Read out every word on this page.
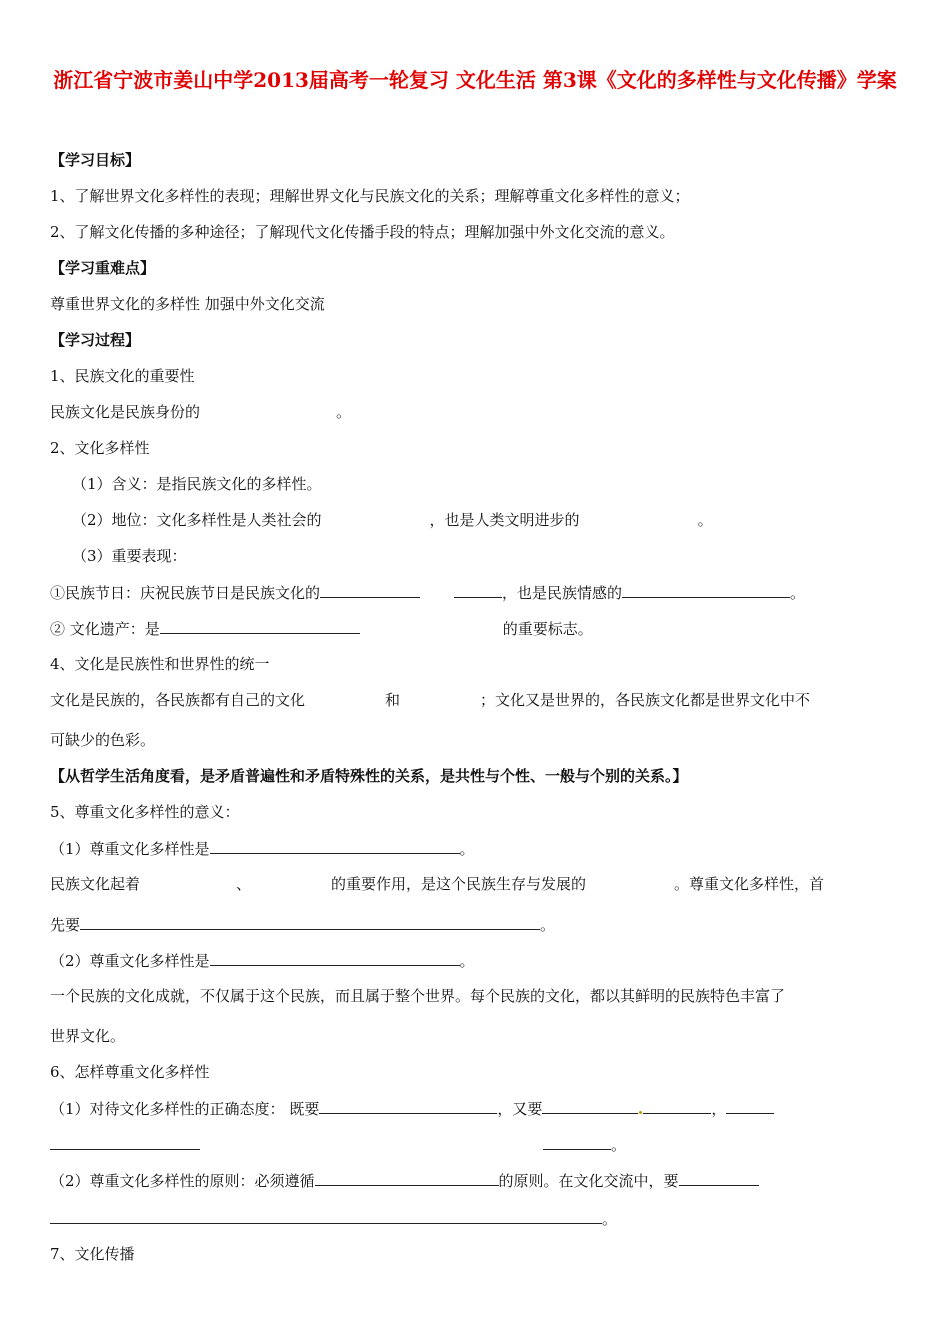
浙江省宁波市姜山中学2013届高考一轮复习 文化生活 第3课《文化的多样性与文化传播》学案
【学习目标】
1、了解世界文化多样性的表现；理解世界文化与民族文化的关系；理解尊重文化多样性的意义；
2、了解文化传播的多种途径；了解现代文化传播手段的特点；理解加强中外文化交流的意义。
【学习重难点】
尊重世界文化的多样性 加强中外文化交流
【学习过程】
1、民族文化的重要性
民族文化是民族身份的	。
2、文化多样性
（1）含义：是指民族文化的多样性。
（2）地位：文化多样性是人类社会的	，也是人类文明进步的	。
（3）重要表现：
①民族节日：庆祝民族节日是民族文化的	，也是民族情感的	。
② 文化遗产：是	的重要标志。
4、文化是民族性和世界性的统一
文化是民族的，各民族都有自己的文化	和	；文化又是世界的，各民族文化都是世界文化中不
可缺少的色彩。
【从哲学生活角度看，是矛盾普遍性和矛盾特殊性的关系，是共性与个性、一般与个别的关系。】
5、尊重文化多样性的意义：
（1）尊重文化多样性是	。
民族文化起着	、	的重要作用，是这个民族生存与发展的	。尊重文化多样性，首
先要	。
（2）尊重文化多样性是	。
一个民族的文化成就，不仅属于这个民族，而且属于整个世界。每个民族的文化，都以其鲜明的民族特色丰富了
世界文化。
6、怎样尊重文化多样性
（1）对待文化多样性的正确态度： 既要	，又要	，
。
（2）尊重文化多样性的原则：必须遵循	的原则。在文化交流中，要
。
7、文化传播
